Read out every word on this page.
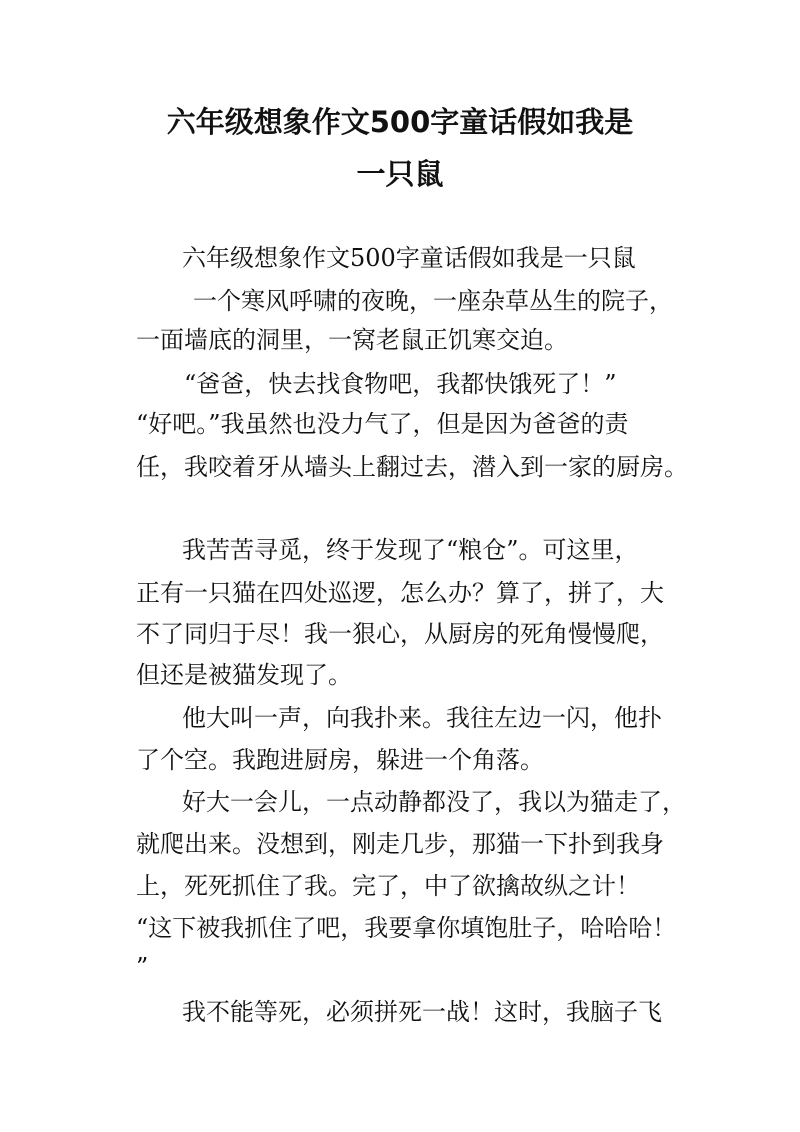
六年级想象作文500字童话假如我是
一只鼠

六年级想象作文500字童话假如我是一只鼠

一个寒风呼啸的夜晚，一座杂草丛生的院子，

一面墙底的洞里，一窝老鼠正饥寒交迫。

“爸爸，快去找食物吧，我都快饿死了！”

“好吧。”我虽然也没力气了，但是因为爸爸的责

任，我咬着牙从墙头上翻过去，潜入到一家的厨房。

我苦苦寻觅，终于发现了“粮仓”。可这里，

正有一只猫在四处巡逻，怎么办？算了，拼了，大

不了同归于尽！我一狠心，从厨房的死角慢慢爬，

但还是被猫发现了。

他大叫一声，向我扑来。我往左边一闪，他扑

了个空。我跑进厨房，躲进一个角落。

好大一会儿，一点动静都没了，我以为猫走了，

就爬出来。没想到，刚走几步，那猫一下扑到我身

上，死死抓住了我。完了，中了欲擒故纵之计！

“这下被我抓住了吧，我要拿你填饱肚子，哈哈哈！

”

我不能等死，必须拼死一战！这时，我脑子飞
